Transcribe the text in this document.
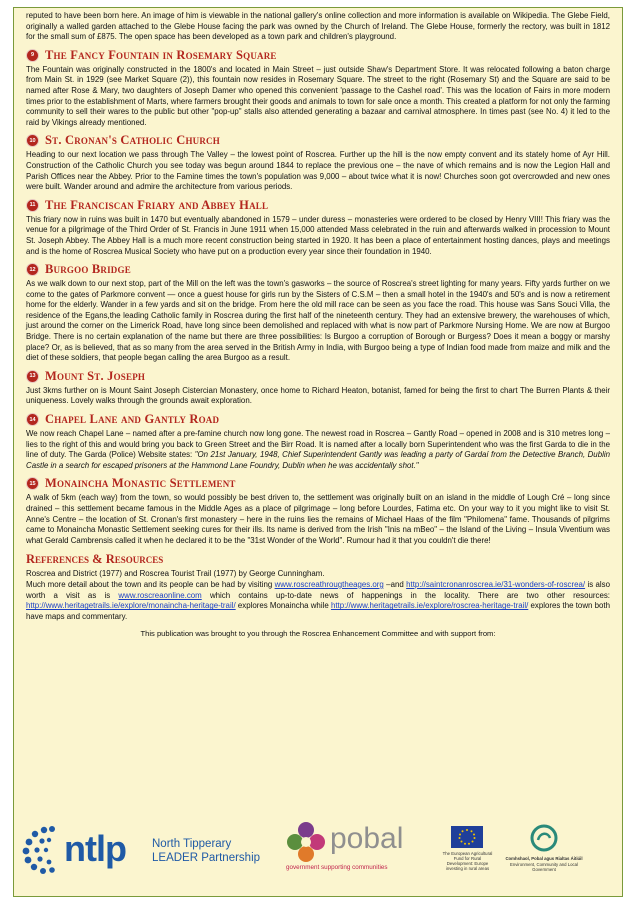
reputed to have been born here. An image of him is viewable in the national gallery's online collection and more information is available on Wikipedia. The Glebe Field, originally a walled garden attached to the Glebe House facing the park was owned by the Church of Ireland. The Glebe House, formerly the rectory, was built in 1812 for the small sum of £875. The open space has been developed as a town park and children's playground.

9 The Fancy Fountain in Rosemary Square

The Fountain was originally constructed in the 1800's and located in Main Street – just outside Shaw's Department Store. It was relocated following a baton charge from Main St. in 1929 (see Market Square (2)), this fountain now resides in Rosemary Square. The street to the right (Rosemary St) and the Square are said to be named after Rose & Mary, two daughters of Joseph Damer who opened this convenient 'passage to the Cashel road'. This was the location of Fairs in more modern times prior to the establishment of Marts, where farmers brought their goods and animals to town for sale once a month. This created a platform for not only the farming community to sell their wares to the public but other "pop-up" stalls also attended generating a bazaar and carnival atmosphere. In times past (see No. 4) it led to the raid by Vikings already mentioned.

10 St. Cronan's Catholic Church

Heading to our next location we pass through The Valley – the lowest point of Roscrea. Further up the hill is the now empty convent and its stately home of Ayr Hill. Construction of the Catholic Church you see today was begun around 1844 to replace the previous one – the nave of which remains and is now the Legion Hall and Parish Offices near the Abbey. Prior to the Famine times the town's population was 9,000 – about twice what it is now! Churches soon got overcrowded and new ones were built. Wander around and admire the architecture from various periods.

11 The Franciscan Friary and Abbey Hall

This friary now in ruins was built in 1470 but eventually abandoned in 1579 – under duress – monasteries were ordered to be closed by Henry VIII! This friary was the venue for a pilgrimage of the Third Order of St. Francis in June 1911 when 15,000 attended Mass celebrated in the ruin and afterwards walked in procession to Mount St. Joseph Abbey. The Abbey Hall is a much more recent construction being started in 1920. It has been a place of entertainment hosting dances, plays and meetings and is the home of Roscrea Musical Society who have put on a production every year since their foundation in 1940.

12 Burgoo Bridge

As we walk down to our next stop, part of the Mill on the left was the town's gasworks – the source of Roscrea's street lighting for many years. Fifty yards further on we come to the gates of Parkmore convent — once a guest house for girls run by the Sisters of C.S.M – then a small hotel in the 1940's and 50's and is now a retirement home for the elderly. Wander in a few yards and sit on the bridge. From here the old mill race can be seen as you face the road. This house was Sans Souci Villa, the residence of the Egans,the leading Catholic family in Roscrea during the first half of the nineteenth century. They had an extensive brewery, the warehouses of which, just around the corner on the Limerick Road, have long since been demolished and replaced with what is now part of Parkmore Nursing Home. We are now at Burgoo Bridge. There is no certain explanation of the name but there are three possibilities: Is Burgoo a corruption of Borough or Burgess? Does it mean a boggy or marshy place? Or, as is believed, that as so many from the area served in the British Army in India, with Burgoo being a type of Indian food made from maize and milk and the diet of these soldiers, that people began calling the area Burgoo as a result.

13 Mount St. Joseph

Just 3kms further on is Mount Saint Joseph Cistercian Monastery, once home to Richard Heaton, botanist, famed for being the first to chart The Burren Plants & their uniqueness. Lovely walks through the grounds await exploration.

14 Chapel Lane and Gantly Road

We now reach Chapel Lane – named after a pre-famine church now long gone. The newest road in Roscrea – Gantly Road – opened in 2008 and is 310 metres long – lies to the right of this and would bring you back to Green Street and the Birr Road. It is named after a locally born Superintendent who was the first Garda to die in the line of duty. The Garda (Police) Website states: "On 21st January, 1948, Chief Superintendent Gantly was leading a party of Gardaí from the Detective Branch, Dublin Castle in a search for escaped prisoners at the Hammond Lane Foundry, Dublin when he was accidentally shot."

15 Monaincha Monastic Settlement

A walk of 5km (each way) from the town, so would possibly be best driven to, the settlement was originally built on an island in the middle of Lough Cré – long since drained – this settlement became famous in the Middle Ages as a place of pilgrimage – long before Lourdes, Fatima etc. On your way to it you might like to visit St. Anne's Centre – the location of St. Cronan's first monastery – here in the ruins lies the remains of Michael Haas of the film "Philomena" fame. Thousands of pilgrims came to Monaincha Monastic Settlement seeking cures for their ills. Its name is derived from the Irish "Inis na mBeo" – the Island of the Living – Insula Viventium was what Gerald Cambrensis called it when he declared it to be the "31st Wonder of the World". Rumour had it that you couldn't die there!

References & Resources

Roscrea and District (1977) and Roscrea Tourist Trail (1977) by George Cunningham.

Much more detail about the town and its people can be had by visiting www.roscreathrougtheages.org –and http://saintcronanroscrea.ie/31-wonders-of-roscrea/ is also worth a visit as is www.roscreaonline.com which contains up-to-date news of happenings in the locality. There are two other resources: http://www.heritagetrails.ie/explore/monaincha-heritage-trail/ explores Monaincha while http://www.heritagetrails.ie/explore/roscrea-heritage-trail/ explores the town both have maps and commentary.

This publication was brought to you through the Roscrea Enhancement Committee and with support from:
ntlp North Tipperary
LEADER Partnership
pobal
government supporting communities
The European Agricultural Fund for Rural Development: Europe investing in rural areas
Comhshaol, Pobal agus Rialtas Áitiúil
Environment, Community and Local Government
